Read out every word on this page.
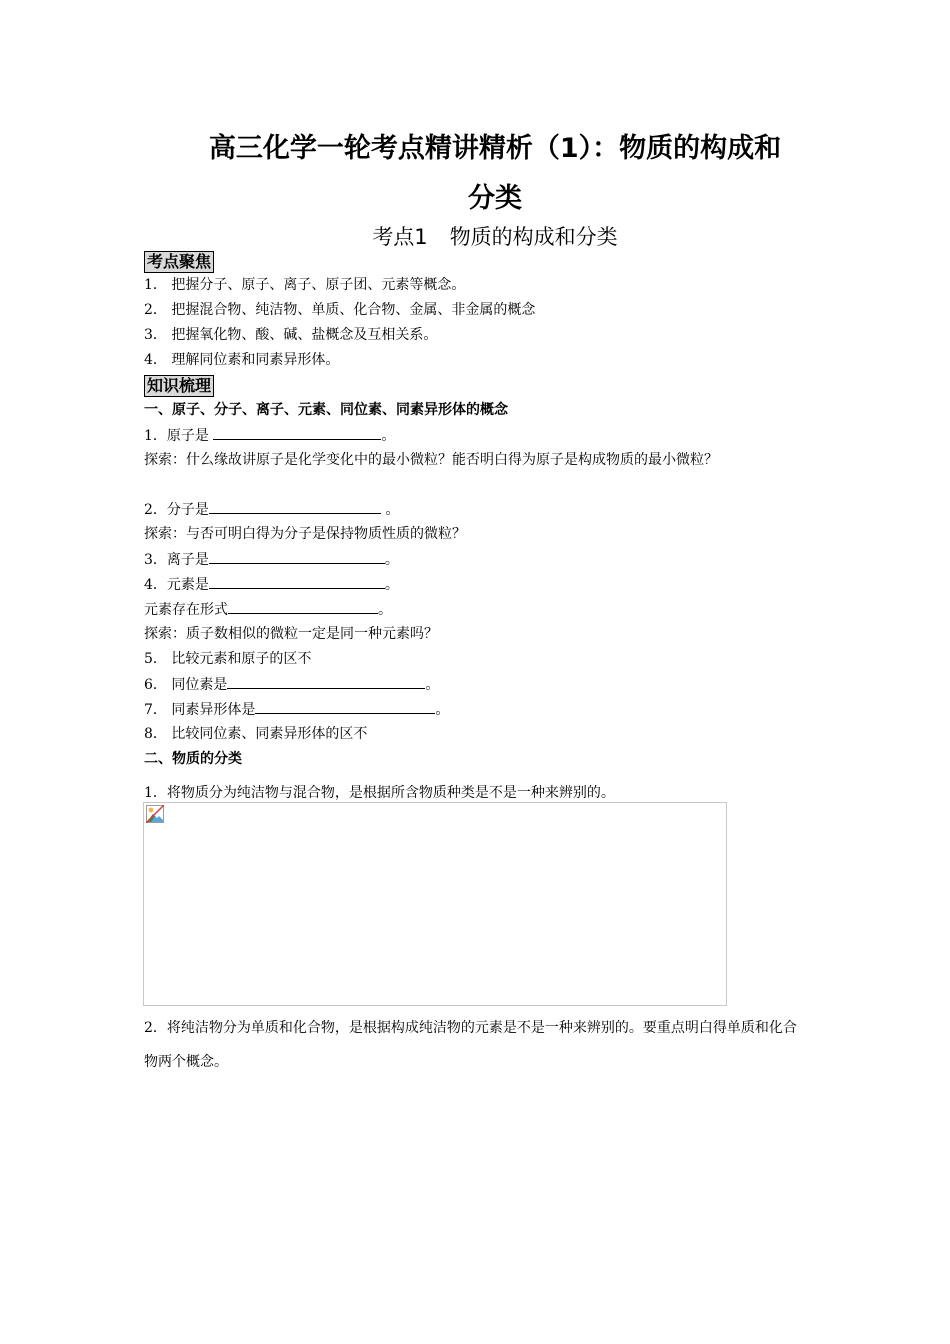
高三化学一轮考点精讲精析（1）：物质的构成和
分类
考点1 物质的构成和分类
考点聚焦
1． 把握分子、原子、离子、原子团、元素等概念。
2． 把握混合物、纯洁物、单质、化合物、金属、非金属的概念
3． 把握氧化物、酸、碱、盐概念及互相关系。
4． 理解同位素和同素异形体。
知识梳理
一、原子、分子、离子、元素、同位素、同素异形体的概念
1．原子是	。
探索：什么缘故讲原子是化学变化中的最小微粒？能否明白得为原子是构成物质的最小微粒？
2．分子是	。
探索：与否可明白得为分子是保持物质性质的微粒？
3．离子是	。
4．元素是	。
元素存在形式	。
探索：质子数相似的微粒一定是同一种元素吗？
5． 比较元素和原子的区不
6． 同位素是	。
7． 同素异形体是	。
8． 比较同位素、同素异形体的区不
二、物质的分类
1．将物质分为纯洁物与混合物，是根据所含物质种类是不是一种来辨别的。
2．将纯洁物分为单质和化合物，是根据构成纯洁物的元素是不是一种来辨别的。要重点明白得单质和化合物两个概念。
